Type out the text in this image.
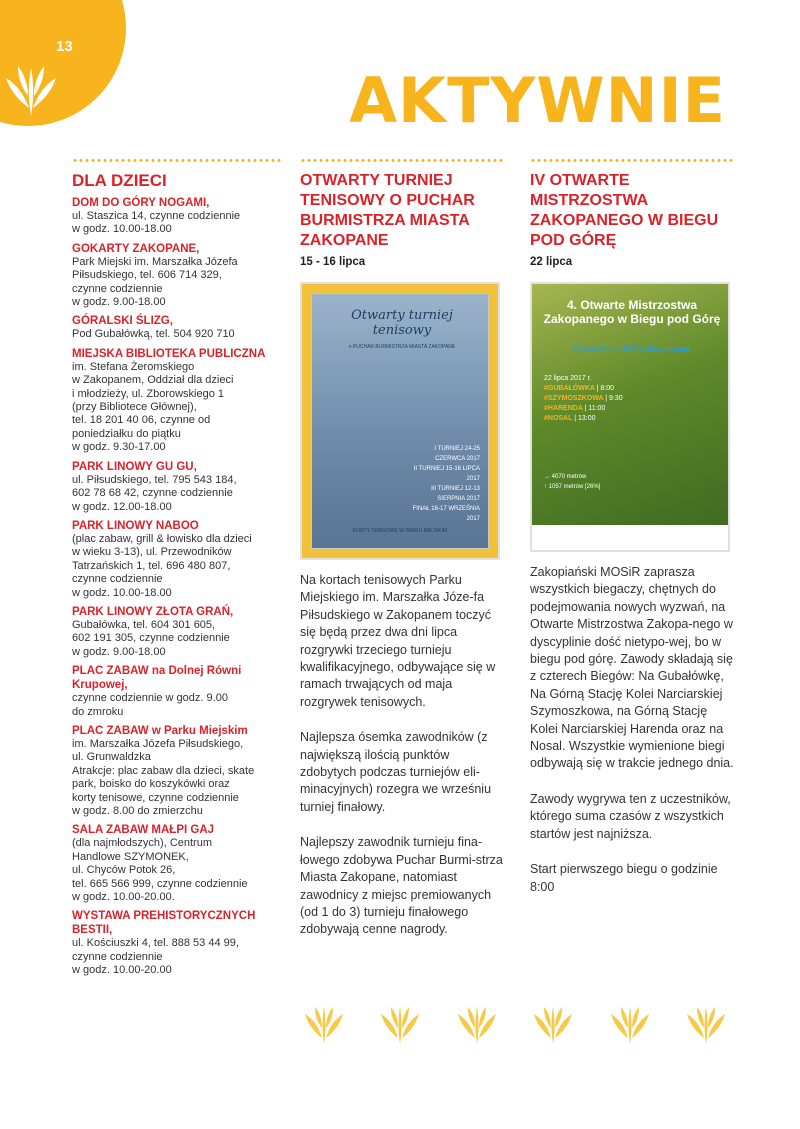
13
AKTYWNIE
DLA DZIECI
DOM DO GÓRY NOGAMI,
ul. Staszica 14, czynne codziennie
w godz. 10.00-18.00
GOKARTY ZAKOPANE,
Park Miejski im. Marszałka Józefa
Piłsudskiego, tel. 606 714 329,
czynne codziennie
w godz. 9.00-18.00
GÓRALSKI ŚLIZG,
Pod Gubałówką, tel. 504 920 710
MIEJSKA BIBLIOTEKA PUBLICZNA
im. Stefana Żeromskiego
w Zakopanem, Oddział dla dzieci
i młodzieży, ul. Zborowskiego 1
(przy Bibliotece Głównej),
tel. 18 201 40 06, czynne od
poniedziałku do piątku
w godz. 9.30-17.00
PARK LINOWY GU GU,
ul. Piłsudskiego, tel. 795 543 184,
602 78 68 42, czynne codziennie
w godz. 12.00-18.00
PARK LINOWY NABOO
(plac zabaw, grill & łowisko dla dzieci
w wieku 3-13), ul. Przewodników
Tatrzańskich 1, tel. 696 480 807,
czynne codziennie
w godz. 10.00-18.00
PARK LINOWY ZŁOTA GRAŃ,
Gubałówka, tel. 604 301 605,
602 191 305, czynne codziennie
w godz. 9.00-18.00
PLAC ZABAW na Dolnej Równi Krupowej,
czynne codziennie w godz. 9.00
do zmroku
PLAC ZABAW w Parku Miejskim
im. Marszałka Józefa Piłsudskiego,
ul. Grunwaldzka
Atrakcje: plac zabaw dla dzieci, skate
park, boisko do koszykówki oraz
korty tenisowe, czynne codziennie
w godz. 8.00 do zmierzchu
SALA ZABAW MAŁPI GAJ
(dla najmłodszych), Centrum
Handlowe SZYMONEK,
ul. Chyców Potok 26,
tel. 665 566 999, czynne codziennie
w godz. 10.00-20.00.
WYSTAWA PREHISTORYCZNYCH BESTII,
ul. Kościuszki 4, tel. 888 53 44 99,
czynne codziennie
w godz. 10.00-20.00
OTWARTY TURNIEJ TENISOWY O PUCHAR BURMISTRZA MIASTA ZAKOPANE
15 - 16 lipca
Otwarty turniej tenisowy
o PUCHAR BURMISTRZA MIASTA ZAKOPANE
I TURNIEJ 24-25 CZERWCA 2017
II TURNIEJ 15-16 LIPCA 2017
III TURNIEJ 12-13 SIERPNIA 2017
FINAŁ 16-17 WRZEŚNIA 2017
KORTY TENISOWE W PARKU MIEJSKIM

Na kortach tenisowych Parku Miejskiego im. Marszałka Józe-fa Piłsudskiego w Zakopanem toczyć się będą przez dwa dni lipca rozgrywki trzeciego turnieju kwalifikacyjnego, odbywające się w ramach trwających od maja rozgrywek tenisowych.

Najlepsza ósemka zawodników (z największą ilością punktów zdobytych podczas turniejów eli-minacyjnych) rozegra we wrześniu turniej finałowy.

Najlepszy zawodnik turnieju fina-łowego zdobywa Puchar Burmi-strza Miasta Zakopane, natomiast zawodnicy z miejsc premiowanych (od 1 do 3) turnieju finałowego zdobywają cenne nagrody.

IV OTWARTE MISTRZOSTWA ZAKOPANEGO W BIEGU POD GÓRĘ
22 lipca
4. Otwarte Mistrzostwa Zakopanego w Biegu pod Górę
Puchar Polski 2017 w Skyrunningu
22 lipca 2017 r.
#GUBAŁÓWKA | 8:00
#SZYMOSZKOWA | 9:30
#HARENDA | 11:00
#NOSAL | 13:00
→ 4070 metrów
↑ 1057 metrów [26%]

Zakopiański MOSiR zaprasza wszystkich biegaczy, chętnych do podejmowania nowych wyzwań, na Otwarte Mistrzostwa Zakopa-nego w dyscyplinie dość nietypo-wej, bo w biegu pod górę. Zawody składają się z czterech Biegów: Na Gubałówkę, Na Górną Stację Kolei Narciarskiej Szymoszkowa, na Górną Stację Kolei Narciarskiej Harenda oraz na Nosal. Wszystkie wymienione biegi odbywają się w trakcie jednego dnia.

Zawody wygrywa ten z uczestników, którego suma czasów z wszystkich startów jest najniższa.

Start pierwszego biegu o godzinie 8:00
